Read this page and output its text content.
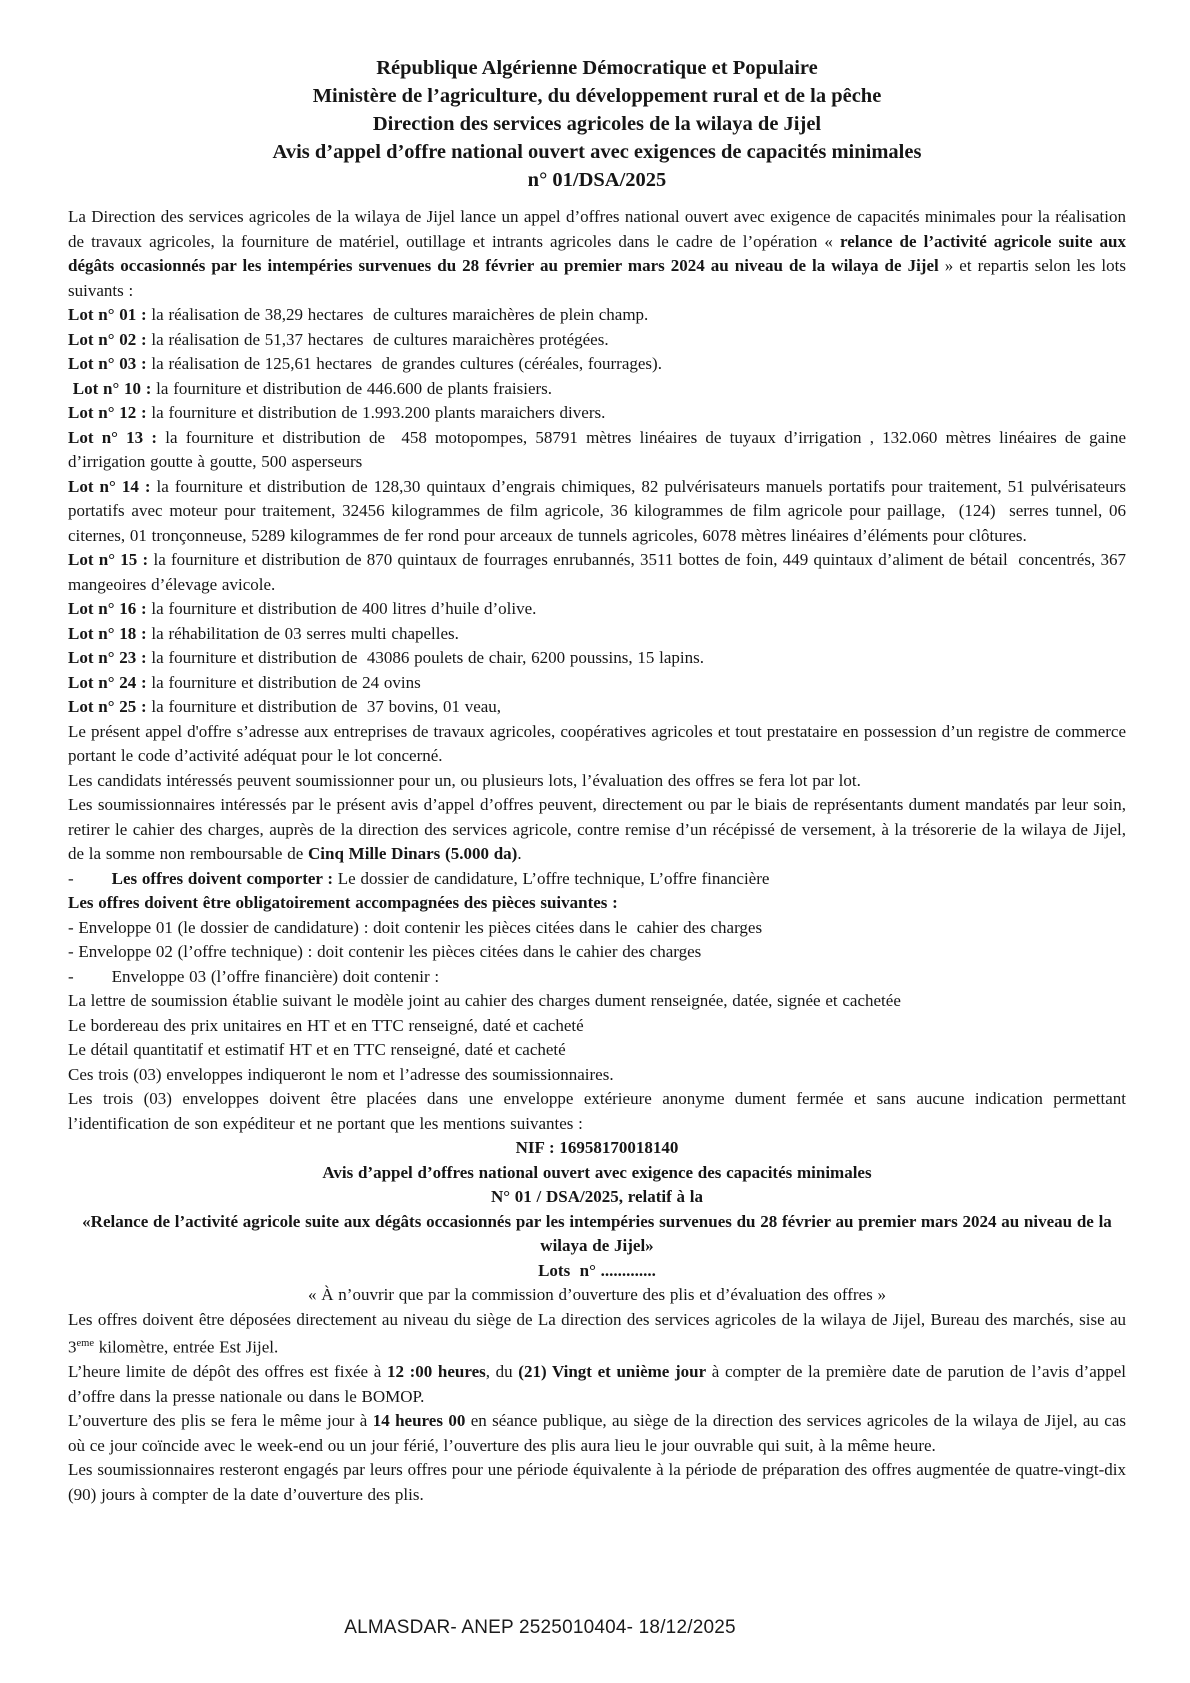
République Algérienne Démocratique et Populaire
Ministère de l’agriculture, du développement rural et de la pêche
Direction des services agricoles de la wilaya de Jijel
Avis d’appel d’offre national ouvert avec exigences de capacités minimales
n° 01/DSA/2025
La Direction des services agricoles de la wilaya de Jijel lance un appel d’offres national ouvert avec exigence de capacités minimales pour la réalisation de travaux agricoles, la fourniture de matériel, outillage et intrants agricoles dans le cadre de l’opération « relance de l’activité agricole suite aux dégâts occasionnés par les intempéries survenues du 28 février au premier mars 2024 au niveau de la wilaya de Jijel » et repartis selon les lots suivants :
Lot n° 01 : la réalisation de 38,29 hectares  de cultures maraichères de plein champ.
Lot n° 02 : la réalisation de 51,37 hectares  de cultures maraichères protégées.
Lot n° 03 : la réalisation de 125,61 hectares  de grandes cultures (céréales, fourrages).
Lot n° 10 : la fourniture et distribution de 446.600 de plants fraisiers.
Lot n° 12 : la fourniture et distribution de 1.993.200 plants maraichers divers.
Lot n° 13 : la fourniture et distribution de  458 motopompes, 58791 mètres linéaires de tuyaux d’irrigation , 132.060 mètres linéaires de gaine d’irrigation goutte à goutte, 500 asperseurs
Lot n° 14 : la fourniture et distribution de 128,30 quintaux d’engrais chimiques, 82 pulvérisateurs manuels portatifs pour traitement, 51 pulvérisateurs portatifs avec moteur pour traitement, 32456 kilogrammes de film agricole, 36 kilogrammes de film agricole pour paillage,  (124)  serres tunnel, 06 citernes, 01 tronçonneuse, 5289 kilogrammes de fer rond pour arceaux de tunnels agricoles, 6078 mètres linéaires d’éléments pour clôtures.
Lot n° 15 : la fourniture et distribution de 870 quintaux de fourrages enrubannés, 3511 bottes de foin, 449 quintaux d’aliment de bétail  concentrés, 367 mangeoires d’élevage avicole.
Lot n° 16 : la fourniture et distribution de 400 litres d’huile d’olive.
Lot n° 18 : la réhabilitation de 03 serres multi chapelles.
Lot n° 23 : la fourniture et distribution de  43086 poulets de chair, 6200 poussins, 15 lapins.
Lot n° 24 : la fourniture et distribution de 24 ovins
Lot n° 25 : la fourniture et distribution de  37 bovins, 01 veau,
Le présent appel d'offre s’adresse aux entreprises de travaux agricoles, coopératives agricoles et tout prestataire en possession d’un registre de commerce portant le code d’activité adéquat pour le lot concerné.
Les candidats intéressés peuvent soumissionner pour un, ou plusieurs lots, l’évaluation des offres se fera lot par lot.
Les soumissionnaires intéressés par le présent avis d’appel d’offres peuvent, directement ou par le biais de représentants dument mandatés par leur soin, retirer le cahier des charges, auprès de la direction des services agricole, contre remise d’un récépissé de versement, à la trésorerie de la wilaya de Jijel, de la somme non remboursable de Cinq Mille Dinars (5.000 da).
-        Les offres doivent comporter : Le dossier de candidature, L’offre technique, L’offre financière
Les offres doivent être obligatoirement accompagnées des pièces suivantes :
- Enveloppe 01 (le dossier de candidature) : doit contenir les pièces citées dans le  cahier des charges
- Enveloppe 02 (l’offre technique) : doit contenir les pièces citées dans le cahier des charges
-        Enveloppe 03 (l’offre financière) doit contenir :
La lettre de soumission établie suivant le modèle joint au cahier des charges dument renseignée, datée, signée et cachetée
Le bordereau des prix unitaires en HT et en TTC renseigné, daté et cacheté
Le détail quantitatif et estimatif HT et en TTC renseigné, daté et cacheté
Ces trois (03) enveloppes indiqueront le nom et l’adresse des soumissionnaires.
Les trois (03) enveloppes doivent être placées dans une enveloppe extérieure anonyme dument fermée et sans aucune indication permettant l’identification de son expéditeur et ne portant que les mentions suivantes :
NIF : 16958170018140
Avis d’appel d’offres national ouvert avec exigence des capacités minimales
N° 01 / DSA/2025, relatif à la
«Relance de l’activité agricole suite aux dégâts occasionnés par les intempéries survenues du 28 février au premier mars 2024 au niveau de la wilaya de Jijel»
Lots  n° .............
« À n’ouvrir que par la commission d’ouverture des plis et d’évaluation des offres »
Les offres doivent être déposées directement au niveau du siège de La direction des services agricoles de la wilaya de Jijel, Bureau des marchés, sise au 3eme kilomètre, entrée Est Jijel.
L’heure limite de dépôt des offres est fixée à 12 :00 heures, du (21) Vingt et unième jour à compter de la première date de parution de l’avis d’appel d’offre dans la presse nationale ou dans le BOMOP.
L’ouverture des plis se fera le même jour à 14 heures 00 en séance publique, au siège de la direction des services agricoles de la wilaya de Jijel, au cas où ce jour coïncide avec le week-end ou un jour férié, l’ouverture des plis aura lieu le jour ouvrable qui suit, à la même heure.
Les soumissionnaires resteront engagés par leurs offres pour une période équivalente à la période de préparation des offres augmentée de quatre-vingt-dix (90) jours à compter de la date d’ouverture des plis.
ALMASDAR- ANEP 2525010404- 18/12/2025
